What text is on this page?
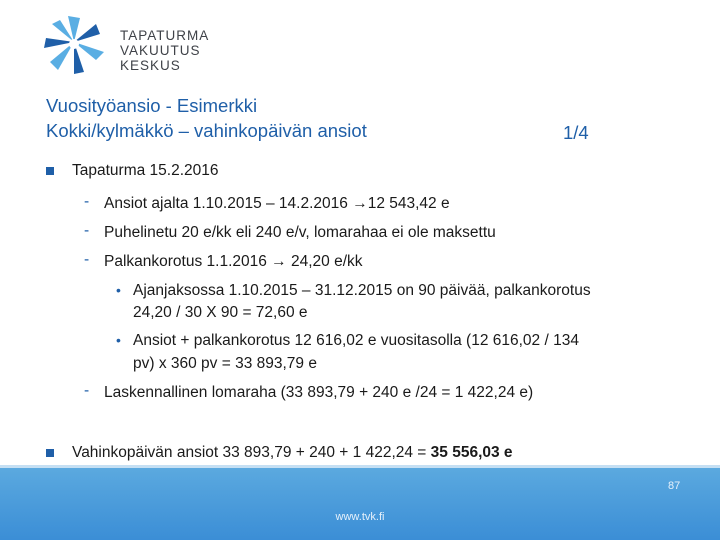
TAPATURMA
VAKUUTUS
KESKUS
Vuosityöansio - Esimerkki
Kokki/kylmäkkö – vahinkopäivän ansiot	1/4
Tapaturma 15.2.2016
- Ansiot ajalta 1.10.2015 – 14.2.2016 →12 543,42 e
- Puhelinetu 20 e/kk eli 240 e/v, lomarahaa ei ole maksettu
- Palkankorotus 1.1.2016 → 24,20 e/kk
• Ajanjaksossa 1.10.2015 – 31.12.2015 on 90 päivää, palkankorotus
24,20 / 30 X 90 = 72,60 e
• Ansiot + palkankorotus 12 616,02 e vuositasolla (12 616,02 / 134
pv) x 360 pv = 33 893,79 e
- Laskennallinen lomaraha (33 893,79 + 240 e /24 = 1 422,24 e)
Vahinkopäivän ansiot 33 893,79 + 240 + 1 422,24 = 35 556,03 e
www.tvk.fi
87
